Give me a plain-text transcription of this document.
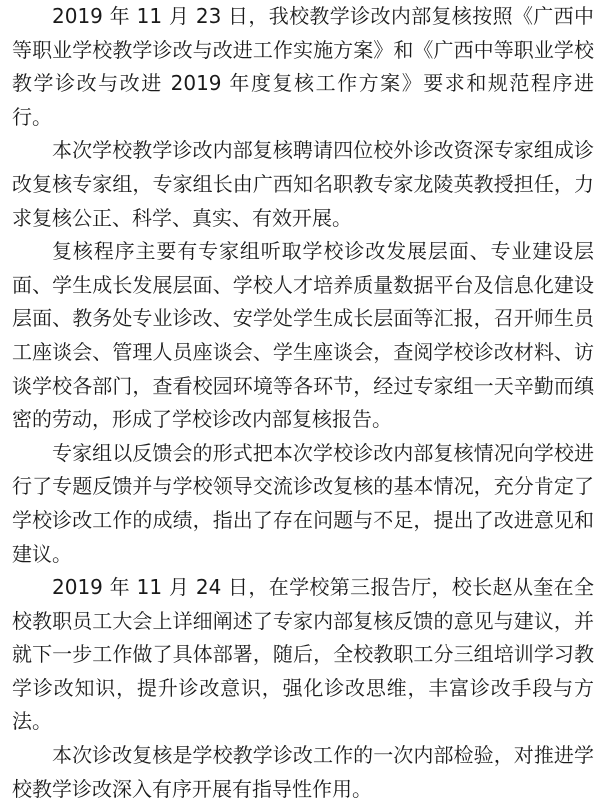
2019 年 11 月 23 日，我校教学诊改内部复核按照《广西中等职业学校教学诊改与改进工作实施方案》和《广西中等职业学校教学诊改与改进 2019 年度复核工作方案》要求和规范程序进行。

本次学校教学诊改内部复核聘请四位校外诊改资深专家组成诊改复核专家组，专家组长由广西知名职教专家龙陵英教授担任，力求复核公正、科学、真实、有效开展。

复核程序主要有专家组听取学校诊改发展层面、专业建设层面、学生成长发展层面、学校人才培养质量数据平台及信息化建设层面、教务处专业诊改、安学处学生成长层面等汇报，召开师生员工座谈会、管理人员座谈会、学生座谈会，查阅学校诊改材料、访谈学校各部门，查看校园环境等各环节，经过专家组一天辛勤而缜密的劳动，形成了学校诊改内部复核报告。

专家组以反馈会的形式把本次学校诊改内部复核情况向学校进行了专题反馈并与学校领导交流诊改复核的基本情况，充分肯定了学校诊改工作的成绩，指出了存在问题与不足，提出了改进意见和建议。

2019 年 11 月 24 日，在学校第三报告厅，校长赵从奎在全校教职员工大会上详细阐述了专家内部复核反馈的意见与建议，并就下一步工作做了具体部署，随后，全校教职工分三组培训学习教学诊改知识，提升诊改意识，强化诊改思维，丰富诊改手段与方法。

本次诊改复核是学校教学诊改工作的一次内部检验，对推进学校教学诊改深入有序开展有指导性作用。
